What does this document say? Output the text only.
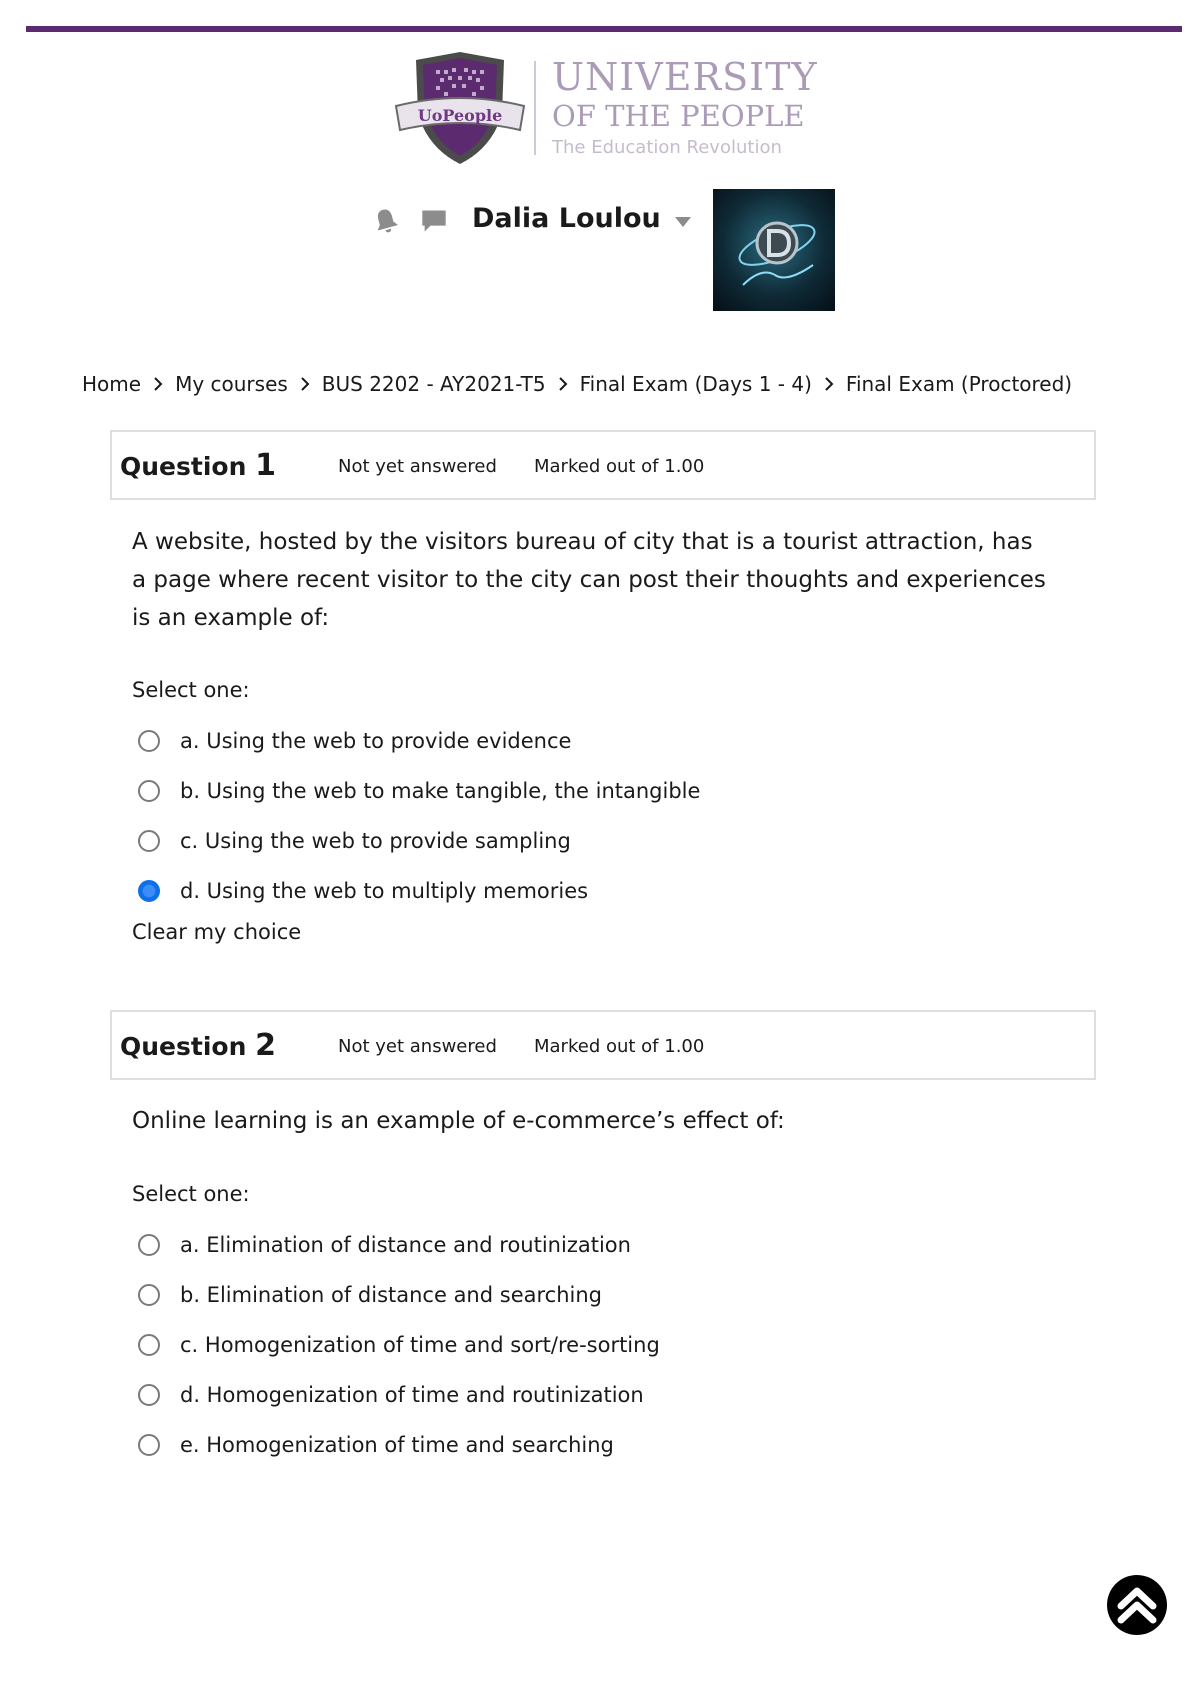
UoPeople
UNIVERSITY
OF THE PEOPLE
The Education Revolution
Dalia Loulou
Home My courses BUS 2202 - AY2021-T5 Final Exam (Days 1 - 4) Final Exam (Proctored)
Question 1	Not yet answered Marked out of 1.00

A website, hosted by the visitors bureau of city that is a tourist attraction, has a page where recent visitor to the city can post their thoughts and experiences is an example of:

Select one:
a. Using the web to provide evidence
b. Using the web to make tangible, the intangible
c. Using the web to provide sampling
d. Using the web to multiply memories
Clear my choice
Question 2	Not yet answered Marked out of 1.00

Online learning is an example of e-commerce’s effect of:

Select one:
a. Elimination of distance and routinization
b. Elimination of distance and searching
c. Homogenization of time and sort/re-sorting
d. Homogenization of time and routinization
e. Homogenization of time and searching
